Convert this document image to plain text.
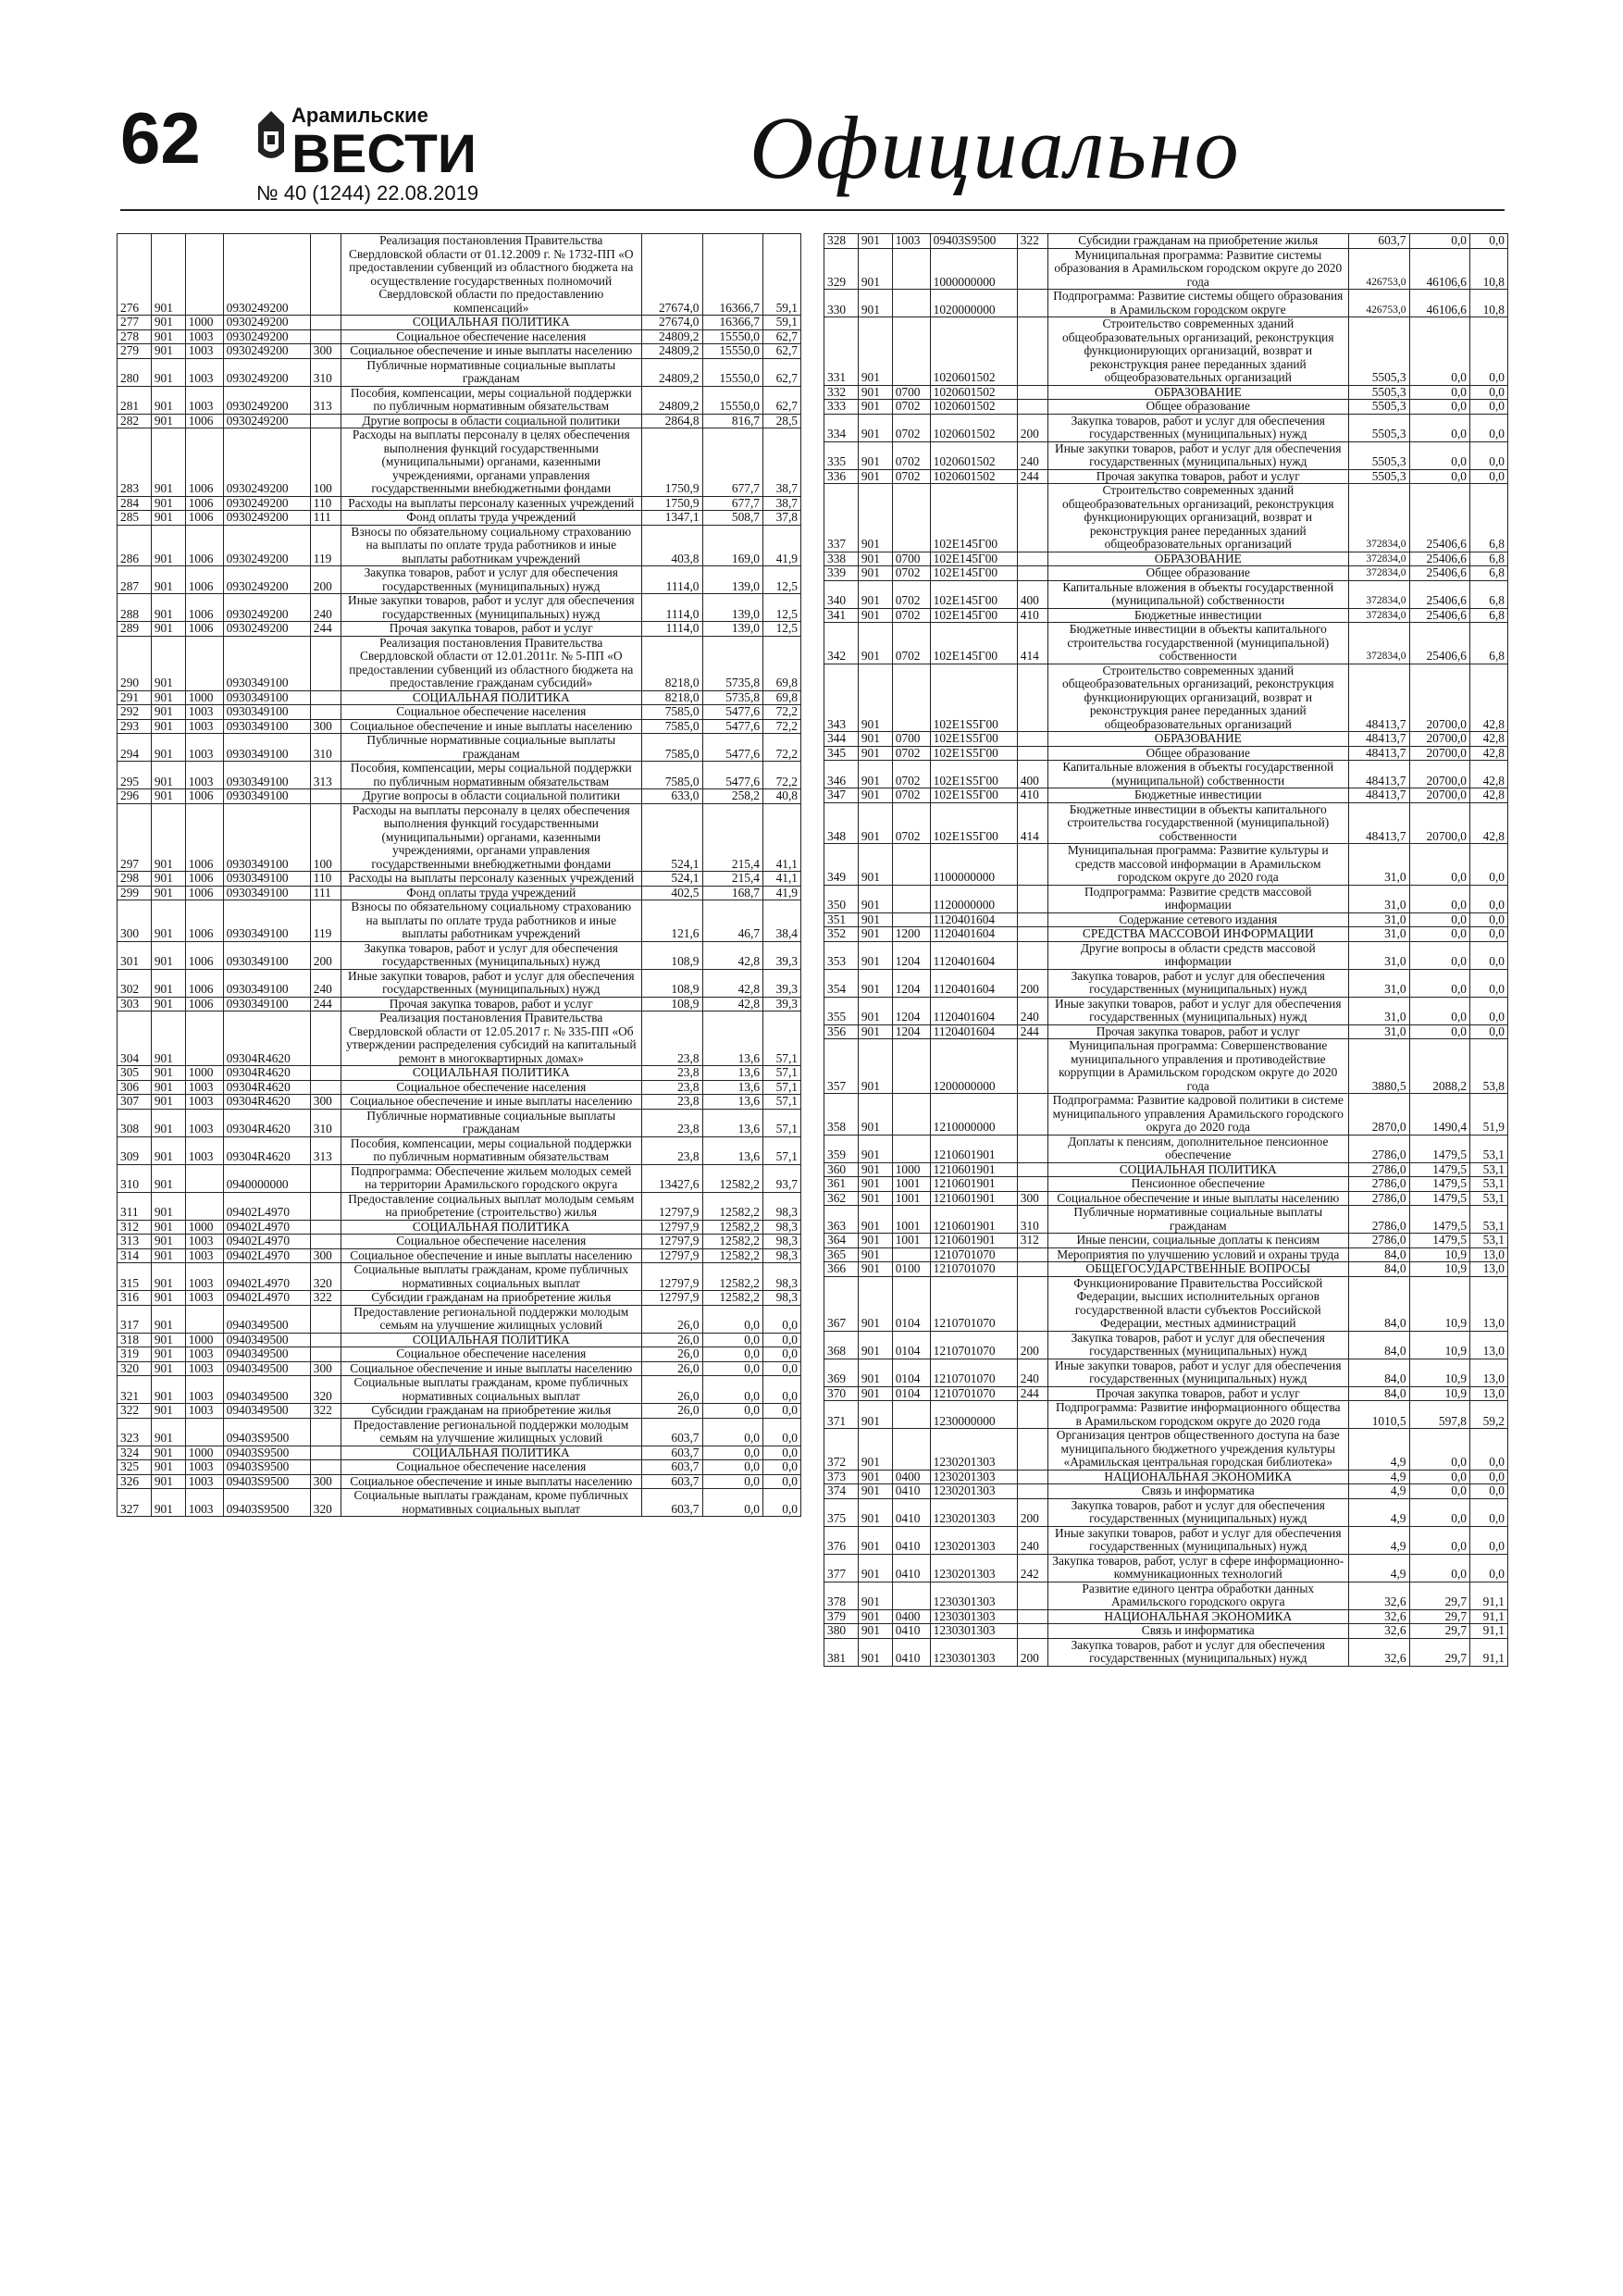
62	Арамильские
ВЕСТИ
№ 40 (1244) 22.08.2019	Официально
276	901		0930249200		Реализация постановления Правительства Свердловской области от 01.12.2009 г. № 1732-ПП «О предоставлении субвенций из областного бюджета на осуществление государственных полномочий Свердловской области по предоставлению компенсаций»	27674,0	16366,7	59,1
277	901	1000	0930249200		СОЦИАЛЬНАЯ ПОЛИТИКА	27674,0	16366,7	59,1
278	901	1003	0930249200		Социальное обеспечение населения	24809,2	15550,0	62,7
279	901	1003	0930249200	300	Социальное обеспечение и иные выплаты населению	24809,2	15550,0	62,7
280	901	1003	0930249200	310	Публичные нормативные социальные выплаты гражданам	24809,2	15550,0	62,7
281	901	1003	0930249200	313	Пособия, компенсации, меры социальной поддержки по публичным нормативным обязательствам	24809,2	15550,0	62,7
282	901	1006	0930249200		Другие вопросы в области социальной политики	2864,8	816,7	28,5
283	901	1006	0930249200	100	Расходы на выплаты персоналу в целях обеспечения выполнения функций государственными (муниципальными) органами, казенными учреждениями, органами управления государственными внебюджетными фондами	1750,9	677,7	38,7
284	901	1006	0930249200	110	Расходы на выплаты персоналу казенных учреждений	1750,9	677,7	38,7
285	901	1006	0930249200	111	Фонд оплаты труда учреждений	1347,1	508,7	37,8
286	901	1006	0930249200	119	Взносы по обязательному социальному страхованию на выплаты по оплате труда работников и иные выплаты работникам учреждений	403,8	169,0	41,9
287	901	1006	0930249200	200	Закупка товаров, работ и услуг для обеспечения государственных (муниципальных) нужд	1114,0	139,0	12,5
288	901	1006	0930249200	240	Иные закупки товаров, работ и услуг для обеспечения государственных (муниципальных) нужд	1114,0	139,0	12,5
289	901	1006	0930249200	244	Прочая закупка товаров, работ и услуг	1114,0	139,0	12,5
290	901		0930349100		Реализация постановления Правительства Свердловской области от 12.01.2011г. № 5-ПП «О предоставлении субвенций из областного бюджета на предоставление гражданам субсидий»	8218,0	5735,8	69,8
291	901	1000	0930349100		СОЦИАЛЬНАЯ ПОЛИТИКА	8218,0	5735,8	69,8
292	901	1003	0930349100		Социальное обеспечение населения	7585,0	5477,6	72,2
293	901	1003	0930349100	300	Социальное обеспечение и иные выплаты населению	7585,0	5477,6	72,2
294	901	1003	0930349100	310	Публичные нормативные социальные выплаты гражданам	7585,0	5477,6	72,2
295	901	1003	0930349100	313	Пособия, компенсации, меры социальной поддержки по публичным нормативным обязательствам	7585,0	5477,6	72,2
296	901	1006	0930349100		Другие вопросы в области социальной политики	633,0	258,2	40,8
297	901	1006	0930349100	100	Расходы на выплаты персоналу в целях обеспечения выполнения функций государственными (муниципальными) органами, казенными учреждениями, органами управления государственными внебюджетными фондами	524,1	215,4	41,1
298	901	1006	0930349100	110	Расходы на выплаты персоналу казенных учреждений	524,1	215,4	41,1
299	901	1006	0930349100	111	Фонд оплаты труда учреждений	402,5	168,7	41,9
300	901	1006	0930349100	119	Взносы по обязательному социальному страхованию на выплаты по оплате труда работников и иные выплаты работникам учреждений	121,6	46,7	38,4
301	901	1006	0930349100	200	Закупка товаров, работ и услуг для обеспечения государственных (муниципальных) нужд	108,9	42,8	39,3
302	901	1006	0930349100	240	Иные закупки товаров, работ и услуг для обеспечения государственных (муниципальных) нужд	108,9	42,8	39,3
303	901	1006	0930349100	244	Прочая закупка товаров, работ и услуг	108,9	42,8	39,3
304	901		09304R4620		Реализация постановления Правительства Свердловской области от 12.05.2017 г. № 335-ПП «Об утверждении распределения субсидий на капитальный ремонт в многоквартирных домах»	23,8	13,6	57,1
305	901	1000	09304R4620		СОЦИАЛЬНАЯ ПОЛИТИКА	23,8	13,6	57,1
306	901	1003	09304R4620		Социальное обеспечение населения	23,8	13,6	57,1
307	901	1003	09304R4620	300	Социальное обеспечение и иные выплаты населению	23,8	13,6	57,1
308	901	1003	09304R4620	310	Публичные нормативные социальные выплаты гражданам	23,8	13,6	57,1
309	901	1003	09304R4620	313	Пособия, компенсации, меры социальной поддержки по публичным нормативным обязательствам	23,8	13,6	57,1
310	901		0940000000		Подпрограмма: Обеспечение жильем молодых семей на территории Арамильского городского округа	13427,6	12582,2	93,7
311	901		09402L4970		Предоставление социальных выплат молодым семьям на приобретение (строительство) жилья	12797,9	12582,2	98,3
312	901	1000	09402L4970		СОЦИАЛЬНАЯ ПОЛИТИКА	12797,9	12582,2	98,3
313	901	1003	09402L4970		Социальное обеспечение населения	12797,9	12582,2	98,3
314	901	1003	09402L4970	300	Социальное обеспечение и иные выплаты населению	12797,9	12582,2	98,3
315	901	1003	09402L4970	320	Социальные выплаты гражданам, кроме публичных нормативных социальных выплат	12797,9	12582,2	98,3
316	901	1003	09402L4970	322	Субсидии гражданам на приобретение жилья	12797,9	12582,2	98,3
317	901		0940349500		Предоставление региональной поддержки молодым семьям на улучшение жилищных условий	26,0	0,0	0,0
318	901	1000	0940349500		СОЦИАЛЬНАЯ ПОЛИТИКА	26,0	0,0	0,0
319	901	1003	0940349500		Социальное обеспечение населения	26,0	0,0	0,0
320	901	1003	0940349500	300	Социальное обеспечение и иные выплаты населению	26,0	0,0	0,0
321	901	1003	0940349500	320	Социальные выплаты гражданам, кроме публичных нормативных социальных выплат	26,0	0,0	0,0
322	901	1003	0940349500	322	Субсидии гражданам на приобретение жилья	26,0	0,0	0,0
323	901		09403S9500		Предоставление региональной поддержки молодым семьям на улучшение жилищных условий	603,7	0,0	0,0
324	901	1000	09403S9500		СОЦИАЛЬНАЯ ПОЛИТИКА	603,7	0,0	0,0
325	901	1003	09403S9500		Социальное обеспечение населения	603,7	0,0	0,0
326	901	1003	09403S9500	300	Социальное обеспечение и иные выплаты населению	603,7	0,0	0,0
327	901	1003	09403S9500	320	Социальные выплаты гражданам, кроме публичных нормативных социальных выплат	603,7	0,0	0,0
328	901	1003	09403S9500	322	Субсидии гражданам на приобретение жилья	603,7	0,0	0,0
329	901		1000000000		Муниципальная программа: Развитие системы образования в Арамильском городском округе до 2020 года	426753,0	46106,6	10,8
330	901		1020000000		Подпрограмма: Развитие системы общего образования в Арамильском городском округе	426753,0	46106,6	10,8
331	901		1020601502		Строительство современных зданий общеобразовательных организаций, реконструкция функционирующих организаций, возврат и реконструкция ранее переданных зданий общеобразовательных организаций	5505,3	0,0	0,0
332	901	0700	1020601502		ОБРАЗОВАНИЕ	5505,3	0,0	0,0
333	901	0702	1020601502		Общее образование	5505,3	0,0	0,0
334	901	0702	1020601502	200	Закупка товаров, работ и услуг для обеспечения государственных (муниципальных) нужд	5505,3	0,0	0,0
335	901	0702	1020601502	240	Иные закупки товаров, работ и услуг для обеспечения государственных (муниципальных) нужд	5505,3	0,0	0,0
336	901	0702	1020601502	244	Прочая закупка товаров, работ и услуг	5505,3	0,0	0,0
337	901		102E145Г00		Строительство современных зданий общеобразовательных организаций, реконструкция функционирующих организаций, возврат и реконструкция ранее переданных зданий общеобразовательных организаций	372834,0	25406,6	6,8
338	901	0700	102E145Г00		ОБРАЗОВАНИЕ	372834,0	25406,6	6,8
339	901	0702	102E145Г00		Общее образование	372834,0	25406,6	6,8
340	901	0702	102E145Г00	400	Капитальные вложения в объекты государственной (муниципальной) собственности	372834,0	25406,6	6,8
341	901	0702	102E145Г00	410	Бюджетные инвестиции	372834,0	25406,6	6,8
342	901	0702	102E145Г00	414	Бюджетные инвестиции в объекты капитального строительства государственной (муниципальной) собственности	372834,0	25406,6	6,8
343	901		102E1S5Г00		Строительство современных зданий общеобразовательных организаций, реконструкция функционирующих организаций, возврат и реконструкция ранее переданных зданий общеобразовательных организаций	48413,7	20700,0	42,8
344	901	0700	102E1S5Г00		ОБРАЗОВАНИЕ	48413,7	20700,0	42,8
345	901	0702	102E1S5Г00		Общее образование	48413,7	20700,0	42,8
346	901	0702	102E1S5Г00	400	Капитальные вложения в объекты государственной (муниципальной) собственности	48413,7	20700,0	42,8
347	901	0702	102E1S5Г00	410	Бюджетные инвестиции	48413,7	20700,0	42,8
348	901	0702	102E1S5Г00	414	Бюджетные инвестиции в объекты капитального строительства государственной (муниципальной) собственности	48413,7	20700,0	42,8
349	901		1100000000		Муниципальная программа: Развитие культуры и средств массовой информации в Арамильском городском округе до 2020 года	31,0	0,0	0,0
350	901		1120000000		Подпрограмма: Развитие средств массовой информации	31,0	0,0	0,0
351	901		1120401604		Содержание сетевого издания	31,0	0,0	0,0
352	901	1200	1120401604		СРЕДСТВА МАССОВОЙ ИНФОРМАЦИИ	31,0	0,0	0,0
353	901	1204	1120401604		Другие вопросы в области средств массовой информации	31,0	0,0	0,0
354	901	1204	1120401604	200	Закупка товаров, работ и услуг для обеспечения государственных (муниципальных) нужд	31,0	0,0	0,0
355	901	1204	1120401604	240	Иные закупки товаров, работ и услуг для обеспечения государственных (муниципальных) нужд	31,0	0,0	0,0
356	901	1204	1120401604	244	Прочая закупка товаров, работ и услуг	31,0	0,0	0,0
357	901		1200000000		Муниципальная программа: Совершенствование муниципального управления и противодействие коррупции в Арамильском городском округе до 2020 года	3880,5	2088,2	53,8
358	901		1210000000		Подпрограмма: Развитие кадровой политики в системе муниципального управления Арамильского городского округа до 2020 года	2870,0	1490,4	51,9
359	901		1210601901		Доплаты к пенсиям, дополнительное пенсионное обеспечение	2786,0	1479,5	53,1
360	901	1000	1210601901		СОЦИАЛЬНАЯ ПОЛИТИКА	2786,0	1479,5	53,1
361	901	1001	1210601901		Пенсионное обеспечение	2786,0	1479,5	53,1
362	901	1001	1210601901	300	Социальное обеспечение и иные выплаты населению	2786,0	1479,5	53,1
363	901	1001	1210601901	310	Публичные нормативные социальные выплаты гражданам	2786,0	1479,5	53,1
364	901	1001	1210601901	312	Иные пенсии, социальные доплаты к пенсиям	2786,0	1479,5	53,1
365	901		1210701070		Мероприятия по улучшению условий и охраны труда	84,0	10,9	13,0
366	901	0100	1210701070		ОБЩЕГОСУДАРСТВЕННЫЕ ВОПРОСЫ	84,0	10,9	13,0
367	901	0104	1210701070		Функционирование Правительства Российской Федерации, высших исполнительных органов государственной власти субъектов Российской Федерации, местных администраций	84,0	10,9	13,0
368	901	0104	1210701070	200	Закупка товаров, работ и услуг для обеспечения государственных (муниципальных) нужд	84,0	10,9	13,0
369	901	0104	1210701070	240	Иные закупки товаров, работ и услуг для обеспечения государственных (муниципальных) нужд	84,0	10,9	13,0
370	901	0104	1210701070	244	Прочая закупка товаров, работ и услуг	84,0	10,9	13,0
371	901		1230000000		Подпрограмма: Развитие информационного общества в Арамильском городском округе до 2020 года	1010,5	597,8	59,2
372	901		1230201303		Организация центров общественного доступа на базе муниципального бюджетного учреждения культуры «Арамильская центральная городская библиотека»	4,9	0,0	0,0
373	901	0400	1230201303		НАЦИОНАЛЬНАЯ ЭКОНОМИКА	4,9	0,0	0,0
374	901	0410	1230201303		Связь и информатика	4,9	0,0	0,0
375	901	0410	1230201303	200	Закупка товаров, работ и услуг для обеспечения государственных (муниципальных) нужд	4,9	0,0	0,0
376	901	0410	1230201303	240	Иные закупки товаров, работ и услуг для обеспечения государственных (муниципальных) нужд	4,9	0,0	0,0
377	901	0410	1230201303	242	Закупка товаров, работ, услуг в сфере информационно-коммуникационных технологий	4,9	0,0	0,0
378	901		1230301303		Развитие единого центра обработки данных Арамильского городского округа	32,6	29,7	91,1
379	901	0400	1230301303		НАЦИОНАЛЬНАЯ ЭКОНОМИКА	32,6	29,7	91,1
380	901	0410	1230301303		Связь и информатика	32,6	29,7	91,1
381	901	0410	1230301303	200	Закупка товаров, работ и услуг для обеспечения государственных (муниципальных) нужд	32,6	29,7	91,1
